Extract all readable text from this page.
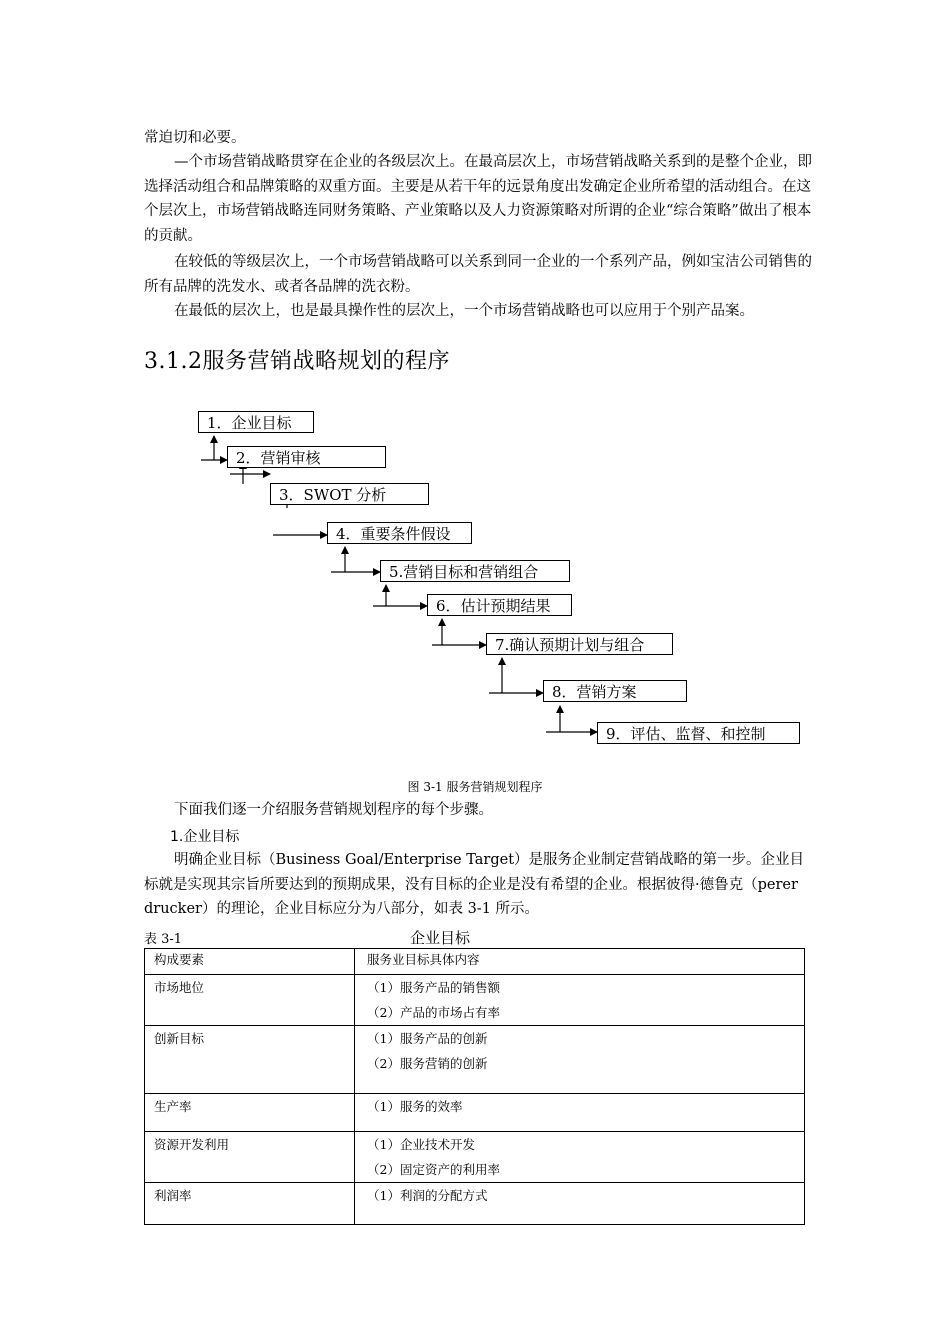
常迫切和必要。

—个市场营销战略贯穿在企业的各级层次上。在最高层次上，市场营销战略关系到的是整个企业，即选择活动组合和品牌策略的双重方面。主要是从若干年的远景角度出发确定企业所希望的活动组合。在这个层次上，市场营销战略连同财务策略、产业策略以及人力资源策略对所谓的企业“综合策略”做出了根本的贡献。

在较低的等级层次上，一个市场营销战略可以关系到同一企业的一个系列产品，例如宝洁公司销售的所有品牌的洗发水、或者各品牌的洗衣粉。

在最低的层次上，也是最具操作性的层次上，一个市场营销战略也可以应用于个别产品案。

3.1.2服务营销战略规划的程序
1．企业目标
2．营销审核
3．SWOT 分析
4．重要条件假设
5.营销目标和营销组合
6．估计预期结果
7.确认预期计划与组合
8．营销方案
9．评估、监督、和控制
图 3-1 服务营销规划程序

下面我们逐一介绍服务营销规划程序的每个步骤。

1.企业目标

明确企业目标（Business Goal/Enterprise Target）是服务企业制定营销战略的第一步。企业目标就是实现其宗旨所要达到的预期成果，没有目标的企业是没有希望的企业。根据彼得·德鲁克（perer drucker）的理论，企业目标应分为八部分，如表 3-1 所示。

表 3-1	企业目标
构成要素	服务业目标具体内容
市场地位	（1）服务产品的销售额
（2）产品的市场占有率

创新目标	（1）服务产品的创新
（2）服务营销的创新

生产率	（1）服务的效率

资源开发利用	（1）企业技术开发
（2）固定资产的利用率

利润率	（1）利润的分配方式
